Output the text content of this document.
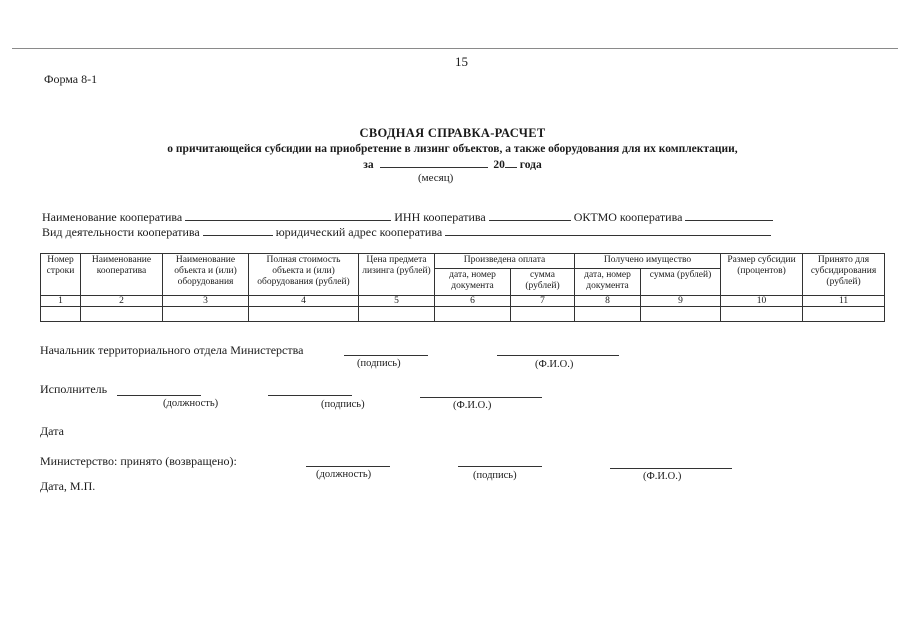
15
Форма 8-1
СВОДНАЯ СПРАВКА-РАСЧЕТ
о причитающейся субсидии на приобретение в лизинг объектов, а также оборудования для их комплектации,
за	20 года
(месяц)
Наименование кооператива	ИНН кооператива	ОКТМО кооператива
Вид деятельности кооператива	юридический адрес кооператива
Номер строки	Наименование кооператива	Наименование объекта и (или) оборудования	Полная стоимость объекта и (или) оборудования (рублей)	Цена предмета лизинга (рублей)	Произведена оплата		Получено имущество		Размер субсидии (процентов)	Принято для субсидирования (рублей)
					дата, номер документа	сумма (рублей)	дата, номер документа	сумма (рублей)		
1	2	3	4	5	6	7	8	9	10	11

Начальник территориального отдела Министерства
(подпись)	(Ф.И.О.)
Исполнитель
(должность)	(подпись)	(Ф.И.О.)
Дата
Министерство: принято (возвращено):
(должность)	(подпись)	(Ф.И.О.)
Дата, М.П.
